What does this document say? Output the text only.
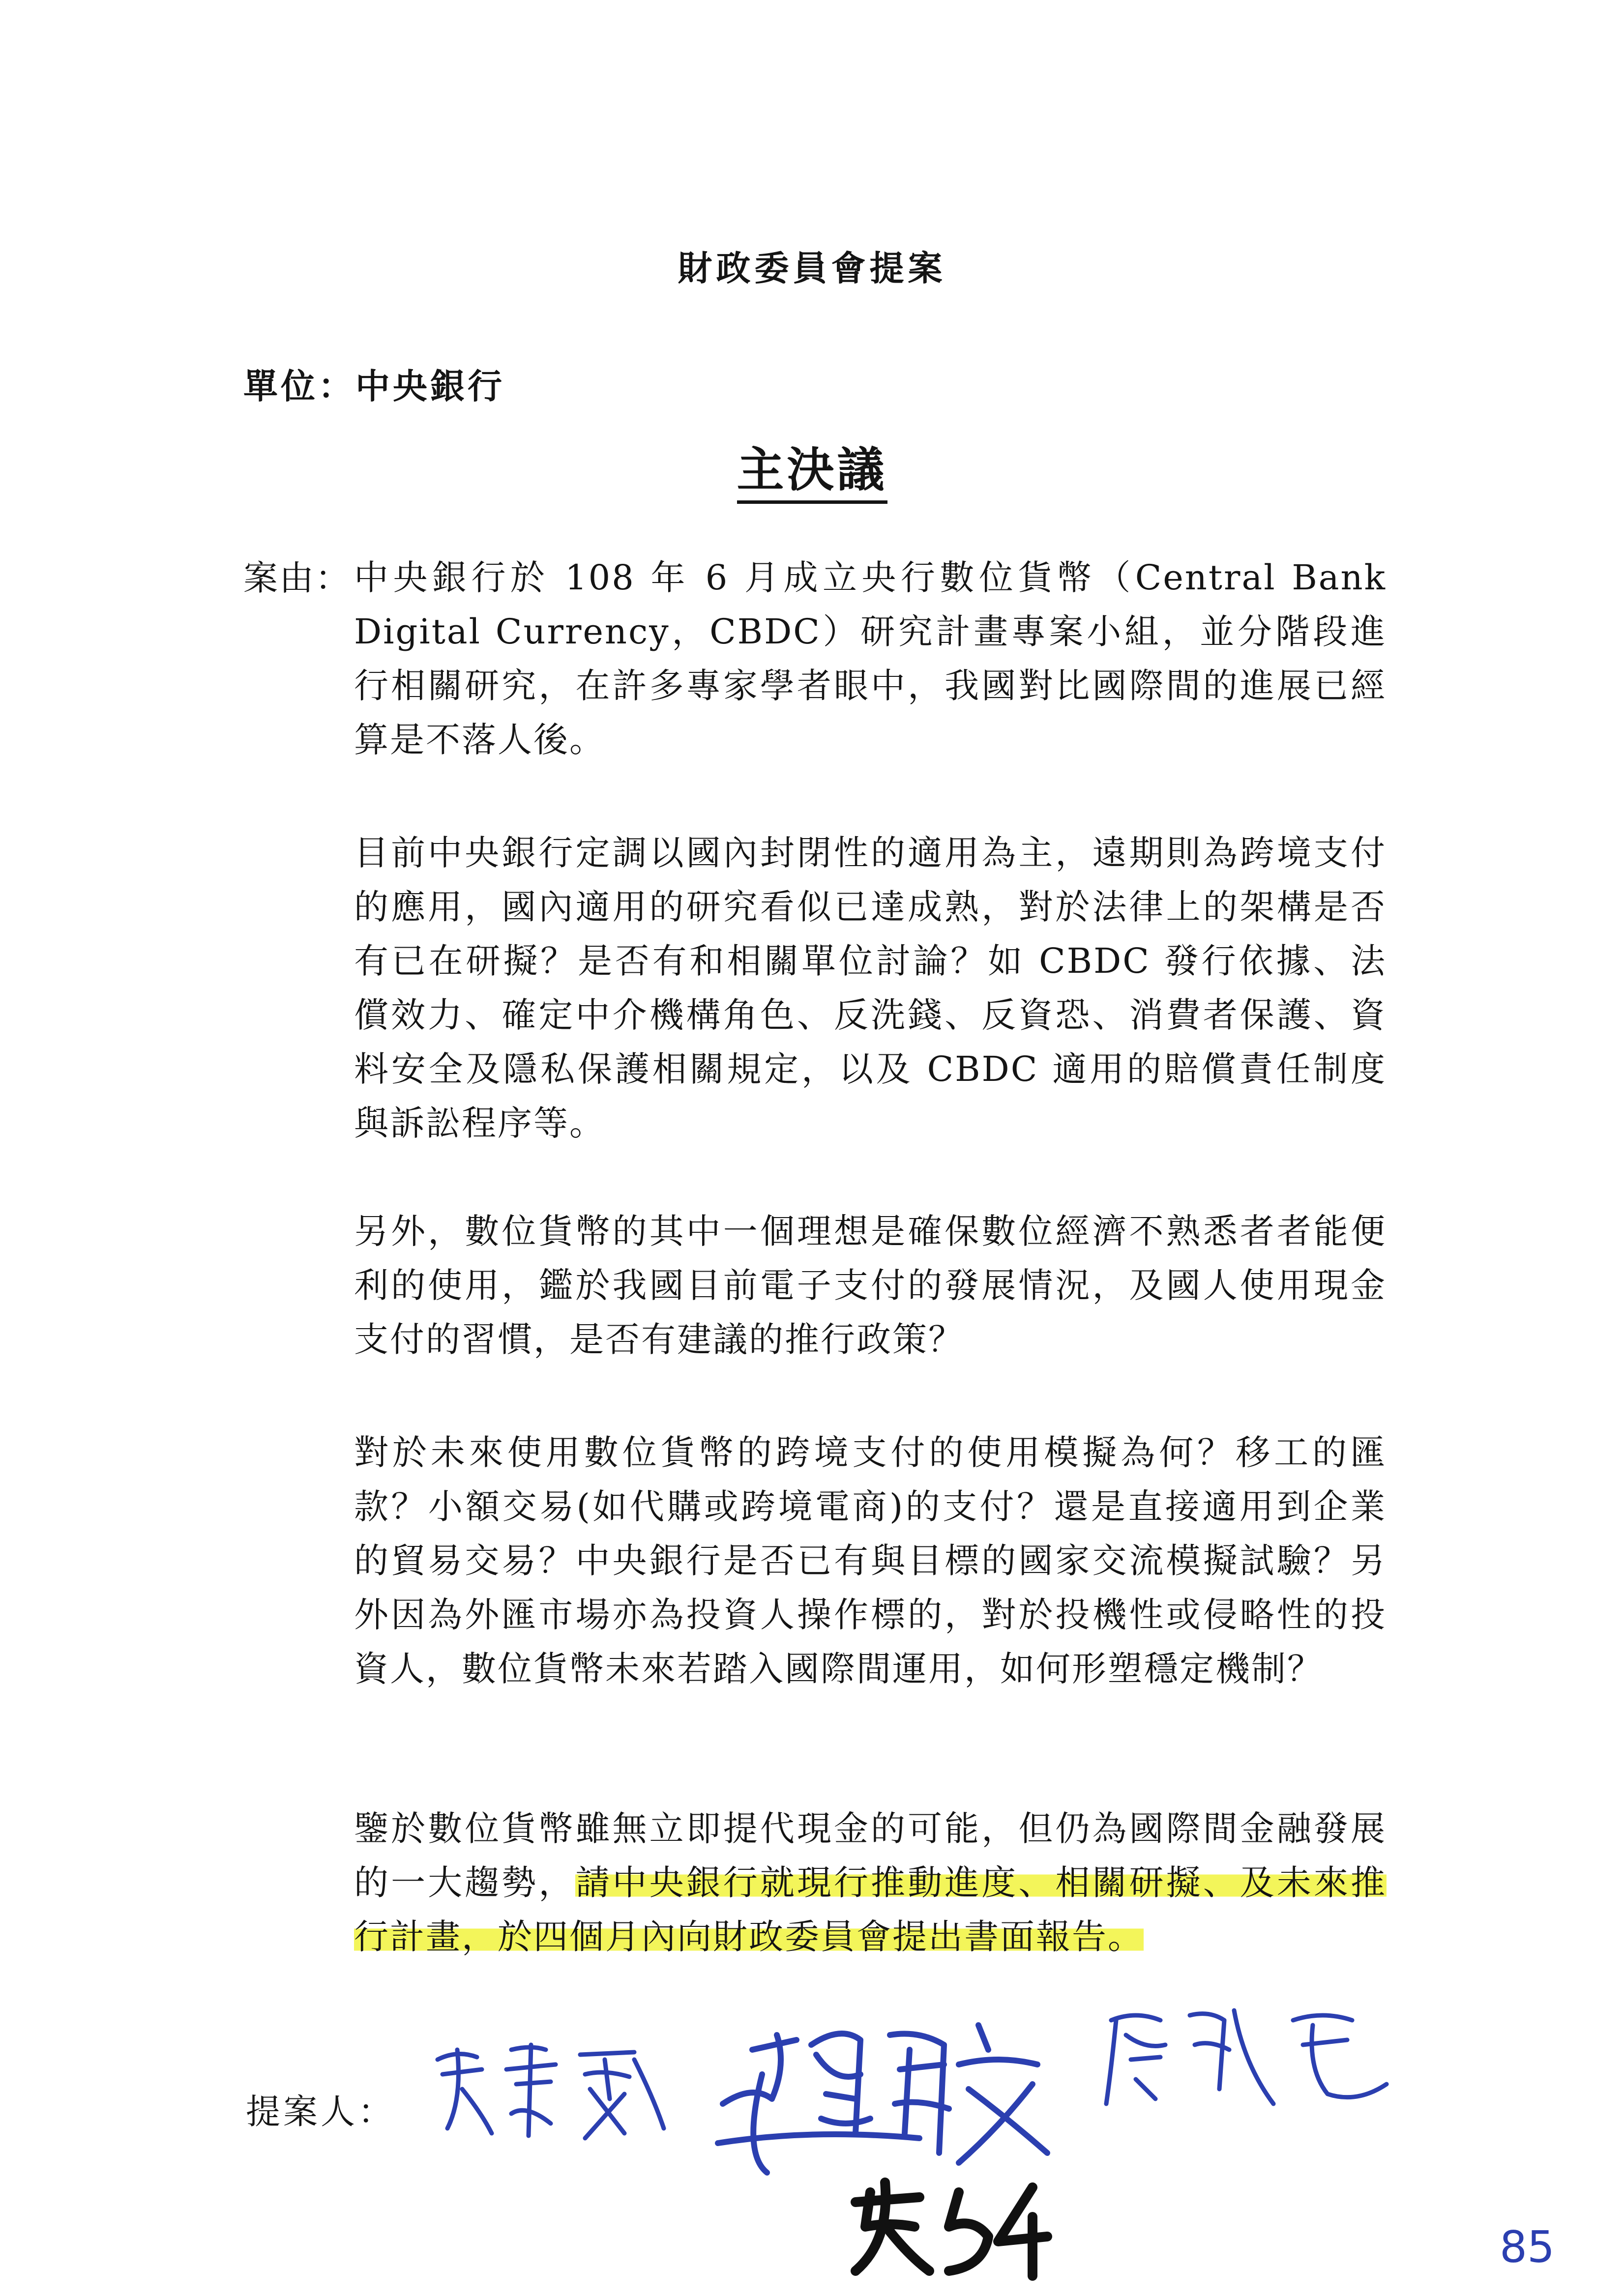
財政委員會提案
單位：中央銀行
主決議
案由： 中央銀行於 108 年 6 月成立央行數位貨幣（Central Bank Digital Currency，CBDC）研究計畫專案小組，並分階段進行相關研究，在許多專家學者眼中，我國對比國際間的進展已經算是不落人後。
目前中央銀行定調以國內封閉性的適用為主，遠期則為跨境支付的應用，國內適用的研究看似已達成熟，對於法律上的架構是否有已在研擬？是否有和相關單位討論？如 CBDC 發行依據、法償效力、確定中介機構角色、反洗錢、反資恐、消費者保護、資料安全及隱私保護相關規定，以及 CBDC 適用的賠償責任制度與訴訟程序等。
另外，數位貨幣的其中一個理想是確保數位經濟不熟悉者者能便利的使用，鑑於我國目前電子支付的發展情況，及國人使用現金支付的習慣，是否有建議的推行政策？
對於未來使用數位貨幣的跨境支付的使用模擬為何？移工的匯款？小額交易(如代購或跨境電商)的支付？還是直接適用到企業的貿易交易？中央銀行是否已有與目標的國家交流模擬試驗？另外因為外匯市場亦為投資人操作標的，對於投機性或侵略性的投資人，數位貨幣未來若踏入國際間運用，如何形塑穩定機制？
鑒於數位貨幣雖無立即提代現金的可能，但仍為國際間金融發展的一大趨勢，請中央銀行就現行推動進度、相關研擬、及未來推行計畫，於四個月內向財政委員會提出書面報告。
提案人：
85
